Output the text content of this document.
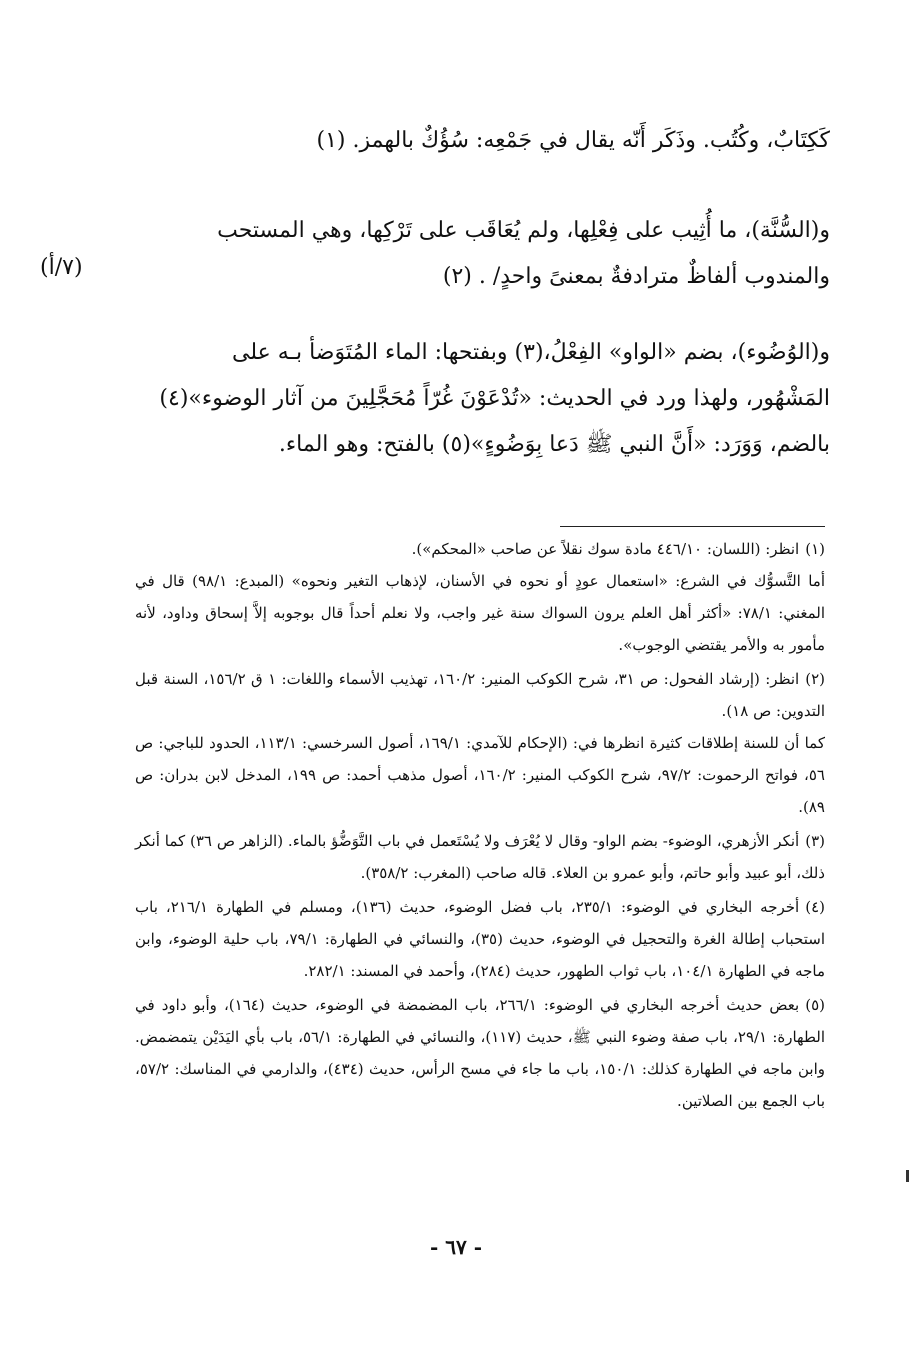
كَكِتَابٌ، وكُتُب. وذَكَر أَنّه يقال في جَمْعِه: سُؤُكٌ بالهمز. (١)

و(السُّنَّة)، ما أُثِيب على فِعْلِها، ولم يُعَاقَب على تَرْكِها، وهي المستحب

والمندوب ألفاظٌ مترادفةٌ بمعنىً واحدٍ/ . (٢)

(٧/أ)

و(الوُضُوء)، بضم «الواو» الفِعْلُ،(٣) وبفتحها: الماء المُتَوَضأ بـه على

المَشْهُور، ولهذا ورد في الحديث: «تُدْعَوْنَ غُرّاً مُحَجَّلِينَ من آثار الوضوء»(٤)

بالضم، وَوَرَد: «أَنَّ النبي ﷺ دَعا بِوَضُوءٍ»(٥) بالفتح: وهو الماء.

(١)انظر: (اللسان: ٤٤٦/١٠ مادة سوك نقلاً عن صاحب «المحكم»).

أما التَّسوُّك في الشرع: «استعمال عودٍ أو نحوه في الأسنان، لإذهاب التغير ونحوه» (المبدع: ٩٨/١) قال في المغني: ٧٨/١: «أكثر أهل العلم يرون السواك سنة غير واجب، ولا نعلم أحداً قال بوجوبه إلاَّ إسحاق وداود، لأنه مأمور به والأمر يقتضي الوجوب».

(٢)انظر: (إرشاد الفحول: ص ٣١، شرح الكوكب المنير: ١٦٠/٢، تهذيب الأسماء واللغات: ١ ق ١٥٦/٢، السنة قبل التدوين: ص ١٨).

كما أن للسنة إطلاقات كثيرة انظرها في: (الإحكام للآمدي: ١٦٩/١، أصول السرخسي: ١١٣/١، الحدود للباجي: ص ٥٦، فواتح الرحموت: ٩٧/٢، شرح الكوكب المنير: ١٦٠/٢، أصول مذهب أحمد: ص ١٩٩، المدخل لابن بدران: ص ٨٩).

(٣)أنكر الأزهري، الوضوء- بضم الواو- وقال لا يُعْرَف ولا يُسْتَعمل في باب التَّوَضُّؤ بالماء. (الزاهر ص ٣٦) كما أنكر ذلك، أبو عبيد وأبو حاتم، وأبو عمرو بن العلاء. قاله صاحب (المغرب: ٣٥٨/٢).

(٤)أخرجه البخاري في الوضوء: ٢٣٥/١، باب فضل الوضوء، حديث (١٣٦)، ومسلم في الطهارة ٢١٦/١، باب استحباب إطالة الغرة والتحجيل في الوضوء، حديث (٣٥)، والنسائي في الطهارة: ٧٩/١، باب حلية الوضوء، وابن ماجه في الطهارة ١٠٤/١، باب ثواب الطهور، حديث (٢٨٤)، وأحمد في المسند: ٢٨٢/١.

(٥)بعض حديث أخرجه البخاري في الوضوء: ٢٦٦/١، باب المضمضة في الوضوء، حديث (١٦٤)، وأبو داود في الطهارة: ٢٩/١، باب صفة وضوء النبي ﷺ، حديث (١١٧)، والنسائي في الطهارة: ٥٦/١، باب بأي اليَدَيْن يتمضمض. وابن ماجه في الطهارة كذلك: ١٥٠/١، باب ما جاء في مسح الرأس، حديث (٤٣٤)، والدارمي في المناسك: ٥٧/٢، باب الجمع بين الصلاتين.

- ٦٧ -
